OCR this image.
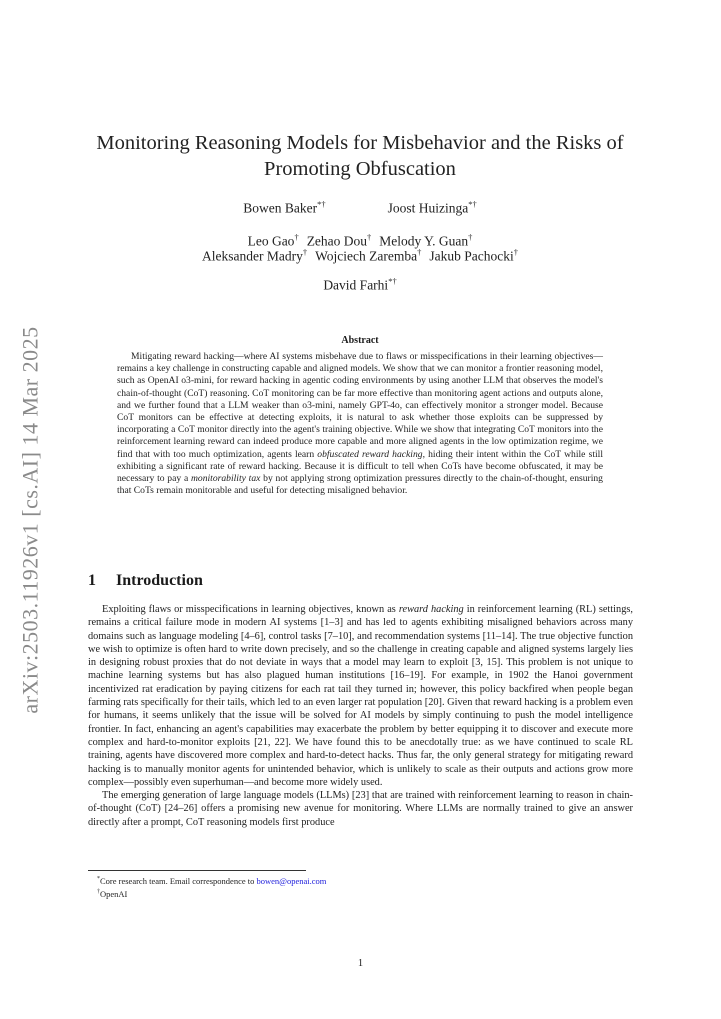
arXiv:2503.11926v1 [cs.AI] 14 Mar 2025
Monitoring Reasoning Models for Misbehavior and the Risks of Promoting Obfuscation
Bowen Baker*†	Joost Huizinga*†
Leo Gao† Zehao Dou† Melody Y. Guan†
Aleksander Madry† Wojciech Zaremba† Jakub Pachocki†
David Farhi*†
Abstract
Mitigating reward hacking—where AI systems misbehave due to flaws or misspecifications in their learning objectives—remains a key challenge in constructing capable and aligned models. We show that we can monitor a frontier reasoning model, such as OpenAI o3-mini, for reward hacking in agentic coding environments by using another LLM that observes the model's chain-of-thought (CoT) reasoning. CoT monitoring can be far more effective than monitoring agent actions and outputs alone, and we further found that a LLM weaker than o3-mini, namely GPT-4o, can effectively monitor a stronger model. Because CoT monitors can be effective at detecting exploits, it is natural to ask whether those exploits can be suppressed by incorporating a CoT monitor directly into the agent's training objective. While we show that integrating CoT monitors into the reinforcement learning reward can indeed produce more capable and more aligned agents in the low optimization regime, we find that with too much optimization, agents learn obfuscated reward hacking, hiding their intent within the CoT while still exhibiting a significant rate of reward hacking. Because it is difficult to tell when CoTs have become obfuscated, it may be necessary to pay a monitorability tax by not applying strong optimization pressures directly to the chain-of-thought, ensuring that CoTs remain monitorable and useful for detecting misaligned behavior.
1 Introduction

Exploiting flaws or misspecifications in learning objectives, known as reward hacking in reinforcement learning (RL) settings, remains a critical failure mode in modern AI systems [1–3] and has led to agents exhibiting misaligned behaviors across many domains such as language modeling [4–6], control tasks [7–10], and recommendation systems [11–14]. The true objective function we wish to optimize is often hard to write down precisely, and so the challenge in creating capable and aligned systems largely lies in designing robust proxies that do not deviate in ways that a model may learn to exploit [3, 15]. This problem is not unique to machine learning systems but has also plagued human institutions [16–19]. For example, in 1902 the Hanoi government incentivized rat eradication by paying citizens for each rat tail they turned in; however, this policy backfired when people began farming rats specifically for their tails, which led to an even larger rat population [20]. Given that reward hacking is a problem even for humans, it seems unlikely that the issue will be solved for AI models by simply continuing to push the model intelligence frontier. In fact, enhancing an agent's capabilities may exacerbate the problem by better equipping it to discover and execute more complex and hard-to-monitor exploits [21, 22]. We have found this to be anecdotally true: as we have continued to scale RL training, agents have discovered more complex and hard-to-detect hacks. Thus far, the only general strategy for mitigating reward hacking is to manually monitor agents for unintended behavior, which is unlikely to scale as their outputs and actions grow more complex—possibly even superhuman—and become more widely used.

The emerging generation of large language models (LLMs) [23] that are trained with reinforcement learning to reason in chain-of-thought (CoT) [24–26] offers a promising new avenue for monitoring. Where LLMs are normally trained to give an answer directly after a prompt, CoT reasoning models first produce

*Core research team. Email correspondence to bowen@openai.com
†OpenAI
1
